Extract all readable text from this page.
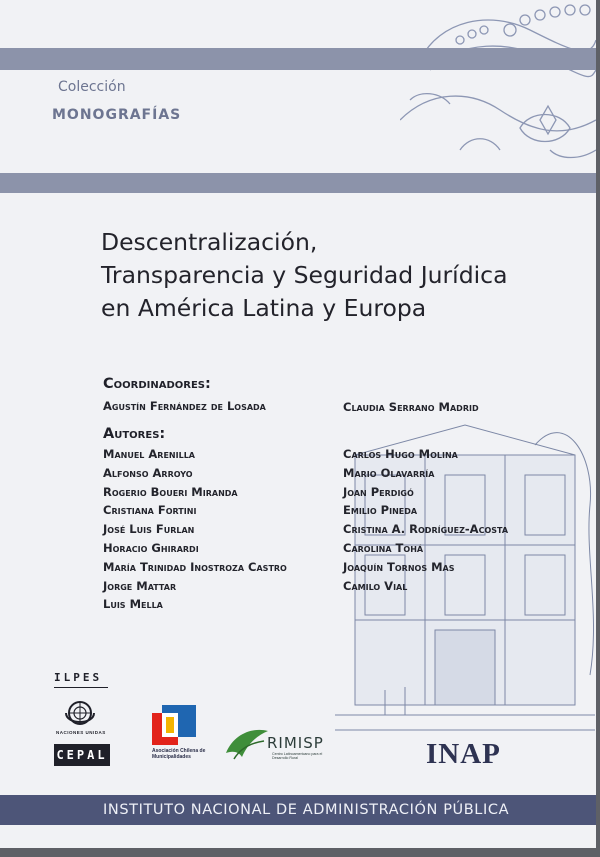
Colección
MONOGRAFÍAS
Descentralización,
Transparencia y Seguridad Jurídica
en América Latina y Europa
Coordinadores:
Agustín Fernández de Losada	Claudia Serrano Madrid
Autores:
Manuel Arenilla
Alfonso Arroyo
Rogerio Boueri Miranda
Cristiana Fortini
José Luis Furlan
Horacio Ghirardi
María Trinidad Inostroza Castro
Jorge Mattar
Luis Mella
Carlos Hugo Molina
Mario Olavarría
Joan Perdigó
Emilio Pineda
Cristina A. Rodríguez-Acosta
Carolina Tohá
Joaquín Tornos Mas
Camilo Vial
ILPES
NACIONES UNIDAS
CEPAL	Asociación Chilena de Municipalidades
RIMISP
Centro Latinoamericano para el Desarrollo Rural	INAP
INSTITUTO NACIONAL DE ADMINISTRACIÓN PÚBLICA
